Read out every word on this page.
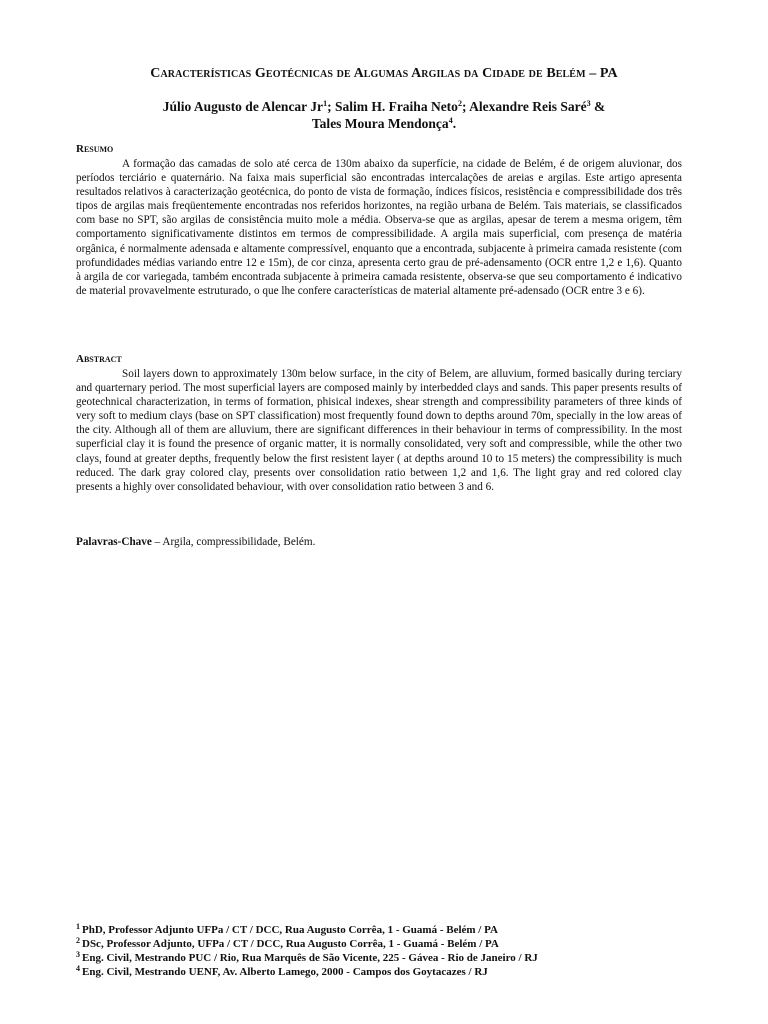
Características Geotécnicas de Algumas Argilas da Cidade de Belém – PA
Júlio Augusto de Alencar Jr$^1$; Salim H. Fraiha Neto$^2$; Alexandre Reis Saré$^3$ &
Tales Moura Mendonça$^4$.
Resumo
A formação das camadas de solo até cerca de 130m abaixo da superfície, na cidade de Belém, é de origem aluvionar, dos períodos terciário e quaternário. Na faixa mais superficial são encontradas intercalações de areias e argilas. Este artigo apresenta resultados relativos à caracterização geotécnica, do ponto de vista de formação, índices físicos, resistência e compressibilidade dos três tipos de argilas mais freqüentemente encontradas nos referidos horizontes, na região urbana de Belém. Tais materiais, se classificados com base no SPT, são argilas de consistência muito mole a média. Observa-se que as argilas, apesar de terem a mesma origem, têm comportamento significativamente distintos em termos de compressibilidade. A argila mais superficial, com presença de matéria orgânica, é normalmente adensada e altamente compressível, enquanto que a encontrada, subjacente à primeira camada resistente (com profundidades médias variando entre 12 e 15m), de cor cinza, apresenta certo grau de pré-adensamento (OCR entre 1,2 e 1,6). Quanto à argila de cor variegada, também encontrada subjacente à primeira camada resistente, observa-se que seu comportamento é indicativo de material provavelmente estruturado, o que lhe confere características de material altamente pré-adensado (OCR entre 3 e 6).
Abstract
Soil layers down to approximately 130m below surface, in the city of Belem, are alluvium, formed basically during terciary and quarternary period. The most superficial layers are composed mainly by interbedded clays and sands. This paper presents results of geotechnical characterization, in terms of formation, phisical indexes, shear strength and compressibility parameters of three kinds of very soft to medium clays (base on SPT classification) most frequently found down to depths around 70m, specially in the low areas of the city. Although all of them are alluvium, there are significant differences in their behaviour in terms of compressibility. In the most superficial clay it is found the presence of organic matter, it is normally consolidated, very soft and compressible, while the other two clays, found at greater depths, frequently below the first resistent layer ( at depths around 10 to 15 meters) the compressibility is much reduced. The dark gray colored clay, presents over consolidation ratio between 1,2 and 1,6. The light gray and red colored clay presents a highly over consolidated behaviour, with over consolidation ratio between 3 and 6.
Palavras-Chave – Argila, compressibilidade, Belém.
$^1$ PhD, Professor Adjunto UFPa / CT / DCC, Rua Augusto Corrêa, 1 - Guamá - Belém / PA
$^2$ DSc, Professor Adjunto, UFPa / CT / DCC, Rua Augusto Corrêa, 1 - Guamá - Belém / PA
$^3$ Eng. Civil, Mestrando PUC / Rio, Rua Marquês de São Vicente, 225 - Gávea - Rio de Janeiro / RJ
$^4$ Eng. Civil, Mestrando UENF, Av. Alberto Lamego, 2000 - Campos dos Goytacazes / RJ
